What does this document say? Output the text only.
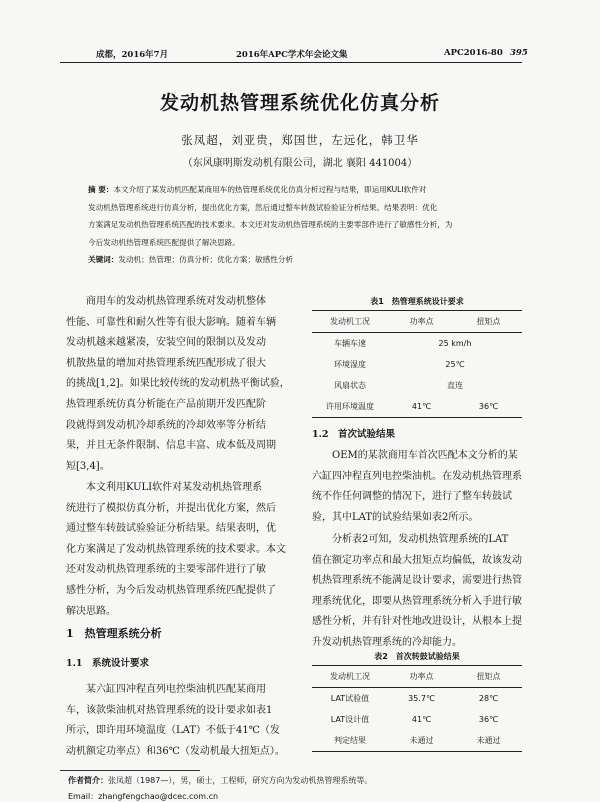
成都，2016年7月	2016年APC学术年会论文集	APC2016-80 395
发动机热管理系统优化仿真分析
张凤超，刘亚贵，郑国世，左远化，韩卫华
（东风康明斯发动机有限公司，湖北 襄阳 441004）
摘 要：本文介绍了某发动机匹配某商用车的热管理系统优化仿真分析过程与结果，即运用KULI软件对
发动机热管理系统进行仿真分析，提出优化方案，然后通过整车转鼓试验验证分析结果。结果表明：优化
方案满足发动机热管理系统匹配的技术要求。本文还对发动机热管理系统的主要零部件进行了敏感性分析，为
今后发动机热管理系统匹配提供了解决思路。
关键词：发动机；热管理；仿真分析；优化方案；敏感性分析
商用车的发动机热管理系统对发动机整体
性能、可靠性和耐久性等有很大影响。随着车辆
发动机越来越紧凑，安装空间的限制以及发动
机散热量的增加对热管理系统匹配形成了很大
的挑战[1,2]。如果比较传统的发动机热平衡试验，
热管理系统仿真分析能在产品前期开发匹配阶
段就得到发动机冷却系统的冷却效率等分析结
果，并且无条件限制、信息丰富、成本低及周期
短[3,4]。
本文利用KULI软件对某发动机热管理系
统进行了模拟仿真分析，并提出优化方案，然后
通过整车转鼓试验验证分析结果。结果表明，优
化方案满足了发动机热管理系统的技术要求。本文
还对发动机热管理系统的主要零部件进行了敏
感性分析，为今后发动机热管理系统匹配提供了
解决思路。
1　热管理系统分析
1.1　系统设计要求
某六缸四冲程直列电控柴油机匹配某商用
车，该款柴油机对热管理系统的设计要求如表1
所示，即许用环境温度（LAT）不低于41℃（发
动机额定功率点）和36℃（发动机最大扭矩点）。
表1　热管理系统设计要求
发动机工况	功率点	扭矩点
车辆车速	25 km/h	
环境湿度	25℃	
风扇状态	直连	
许用环境温度	41℃	36℃
1.2　首次试验结果
OEM的某款商用车首次匹配本文分析的某
六缸四冲程直列电控柴油机。在发动机热管理系
统不作任何调整的情况下，进行了整车转鼓试
验，其中LAT的试验结果如表2所示。
分析表2可知，发动机热管理系统的LAT
值在额定功率点和最大扭矩点均偏低，故该发动
机热管理系统不能满足设计要求，需要进行热管
理系统优化，即要从热管理系统分析入手进行敏
感性分析，并有针对性地改进设计，从根本上提
升发动机热管理系统的冷却能力。
表2　首次转鼓试验结果
发动机工况	功率点	扭矩点
LAT试验值	35.7℃	28℃
LAT设计值	41℃	36℃
判定结果	未通过	未通过
作者简介：张凤超（1987—），男，硕士，工程师，研究方向为发动机热管理系统等。
Email：zhangfengchao@dcec.com.cn
